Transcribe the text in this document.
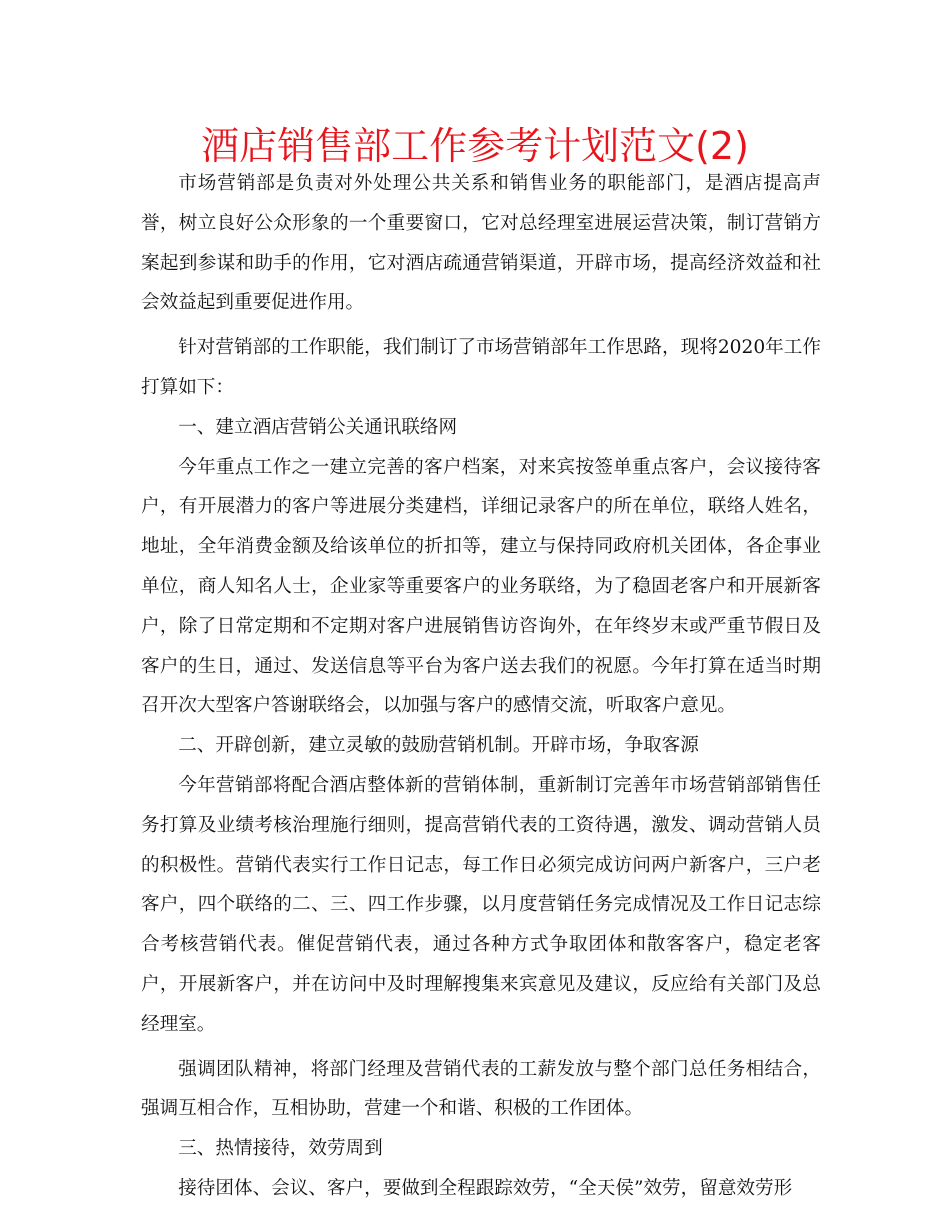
酒店销售部工作参考计划范文(2)

市场营销部是负责对外处理公共关系和销售业务的职能部门，是酒店提高声誉，树立良好公众形象的一个重要窗口，它对总经理室进展运营决策，制订营销方案起到参谋和助手的作用，它对酒店疏通营销渠道，开辟市场，提高经济效益和社会效益起到重要促进作用。

针对营销部的工作职能，我们制订了市场营销部年工作思路，现将2020年工作打算如下：

一、建立酒店营销公关通讯联络网

今年重点工作之一建立完善的客户档案，对来宾按签单重点客户，会议接待客户，有开展潜力的客户等进展分类建档，详细记录客户的所在单位，联络人姓名，地址，全年消费金额及给该单位的折扣等，建立与保持同政府机关团体，各企事业单位，商人知名人士，企业家等重要客户的业务联络，为了稳固老客户和开展新客户，除了日常定期和不定期对客户进展销售访咨询外，在年终岁末或严重节假日及客户的生日，通过、发送信息等平台为客户送去我们的祝愿。今年打算在适当时期召开次大型客户答谢联络会，以加强与客户的感情交流，听取客户意见。

二、开辟创新，建立灵敏的鼓励营销机制。开辟市场，争取客源

今年营销部将配合酒店整体新的营销体制，重新制订完善年市场营销部销售任务打算及业绩考核治理施行细则，提高营销代表的工资待遇，激发、调动营销人员的积极性。营销代表实行工作日记志，每工作日必须完成访问两户新客户，三户老客户，四个联络的二、三、四工作步骤，以月度营销任务完成情况及工作日记志综合考核营销代表。催促营销代表，通过各种方式争取团体和散客客户，稳定老客户，开展新客户，并在访问中及时理解搜集来宾意见及建议，反应给有关部门及总经理室。

强调团队精神，将部门经理及营销代表的工薪发放与整个部门总任务相结合，强调互相合作，互相协助，营建一个和谐、积极的工作团体。

三、热情接待，效劳周到

接待团体、会议、客户，要做到全程跟踪效劳，“全天侯”效劳，留意效劳形
